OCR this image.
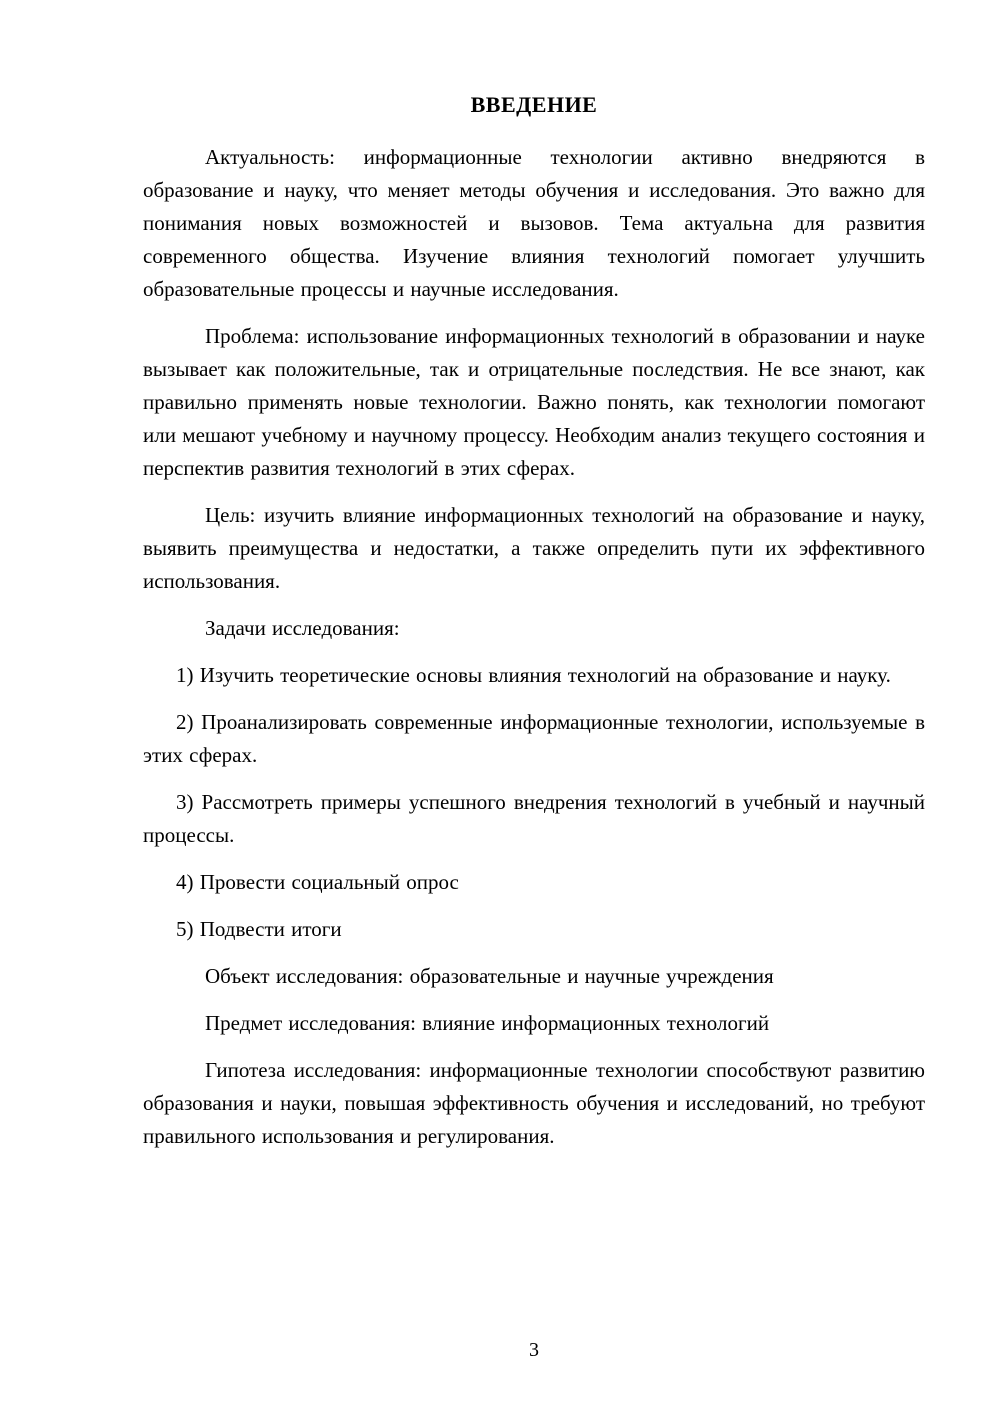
ВВЕДЕНИЕ

Актуальность: информационные технологии активно внедряются в образование и науку, что меняет методы обучения и исследования. Это важно для понимания новых возможностей и вызовов. Тема актуальна для развития современного общества. Изучение влияния технологий помогает улучшить образовательные процессы и научные исследования.

Проблема: использование информационных технологий в образовании и науке вызывает как положительные, так и отрицательные последствия. Не все знают, как правильно применять новые технологии. Важно понять, как технологии помогают или мешают учебному и научному процессу. Необходим анализ текущего состояния и перспектив развития технологий в этих сферах.

Цель: изучить влияние информационных технологий на образование и науку, выявить преимущества и недостатки, а также определить пути их эффективного использования.

Задачи исследования:

1) Изучить теоретические основы влияния технологий на образование и науку.

2) Проанализировать современные информационные технологии, используемые в этих сферах.

3) Рассмотреть примеры успешного внедрения технологий в учебный и научный процессы.

4) Провести социальный опрос

5) Подвести итоги

Объект исследования: образовательные и научные учреждения

Предмет исследования: влияние информационных технологий

Гипотеза исследования: информационные технологии способствуют развитию образования и науки, повышая эффективность обучения и исследований, но требуют правильного использования и регулирования.

3
